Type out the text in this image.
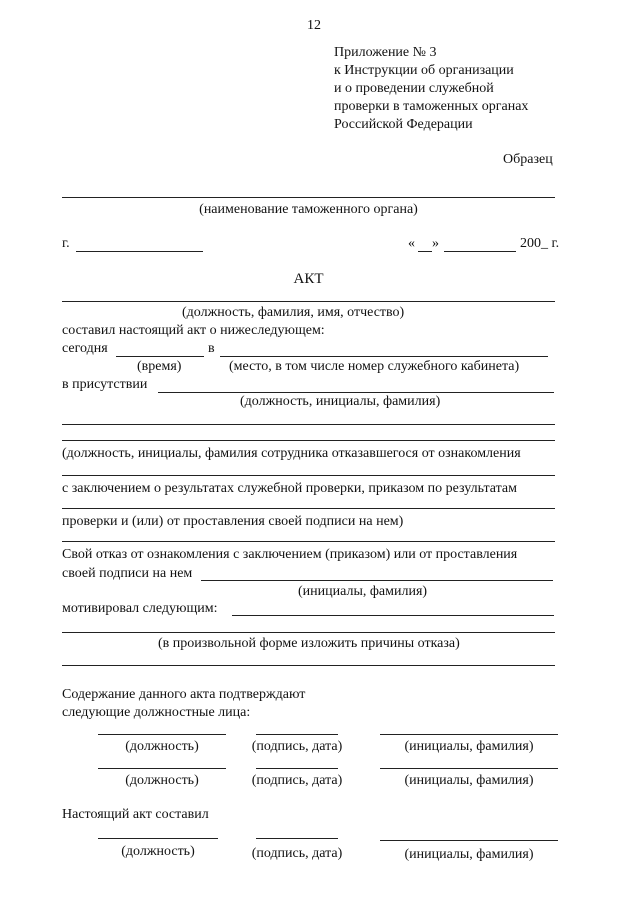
12
Приложение № 3
к Инструкции об организации
и о проведении служебной
проверки в таможенных органах
Российской Федерации
Образец
(наименование таможенного органа)
г.	« »	200_ г.
АКТ
(должность, фамилия, имя, отчество)
составил настоящий акт о нижеследующем:
сегодня	в
(время)	(место, в том числе номер служебного кабинета)
в присутствии
(должность, инициалы, фамилия)
(должность, инициалы, фамилия сотрудника отказавшегося от ознакомления
с заключением о результатах служебной проверки, приказом по результатам
проверки и (или) от проставления своей подписи на нем)
Свой отказ от ознакомления с заключением (приказом) или от проставления
своей подписи на нем
(инициалы, фамилия)
мотивировал следующим:
(в произвольной форме изложить причины отказа)
Содержание данного акта подтверждают
следующие должностные лица:
(должность)	(подпись, дата)	(инициалы, фамилия)
(должность)	(подпись, дата)	(инициалы, фамилия)
Настоящий акт составил
(должность)	(подпись, дата)	(инициалы, фамилия)
